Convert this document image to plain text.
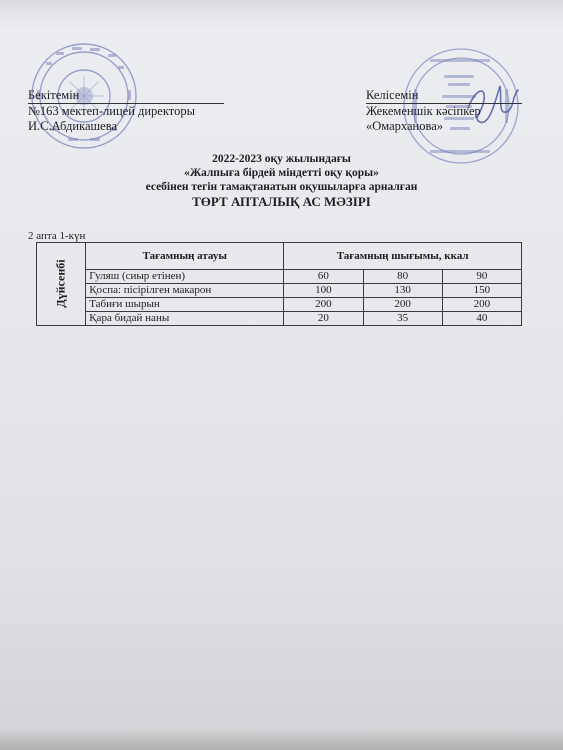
Бекітемін
№163 мектеп-лицей директоры
И.С.Абдикашева
Келісемін
Жекеменшік кәсіпкер
«Омарханова»
2022-2023 оқу жылындағы
«Жалпыға бірдей міндетті оқу қоры»
есебінен тегін тамақтанатын оқушыларға арналған
ТӨРТ АПТАЛЫҚ АС МӘЗІРІ
2 апта 1-күн
Дүйсенбі	Тағамның атауы	Тағамның шығымы, ккал		
	Гуляш (сиыр етінен)	60	80	90
	Қоспа: пісірілген макарон	100	130	150
	Табиғи шырын	200	200	200
	Қара бидай наны	20	35	40
